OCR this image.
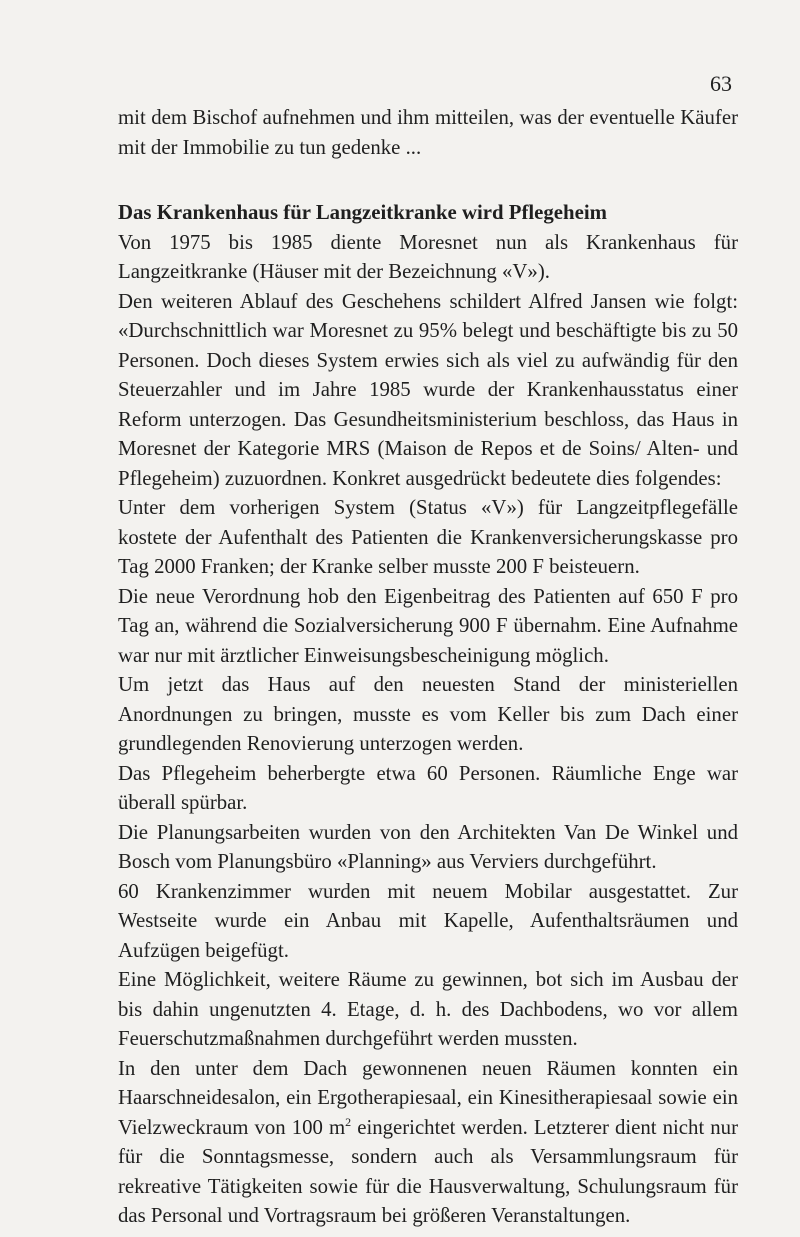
63

mit dem Bischof aufnehmen und ihm mitteilen, was der eventuelle Käufer mit der Immobilie zu tun gedenke ...

Das Krankenhaus für Langzeitkranke wird Pflegeheim

Von 1975 bis 1985 diente Moresnet nun als Krankenhaus für Langzeitkranke (Häuser mit der Bezeichnung «V»).

Den weiteren Ablauf des Geschehens schildert Alfred Jansen wie folgt: «Durchschnittlich war Moresnet zu 95% belegt und beschäftigte bis zu 50 Personen. Doch dieses System erwies sich als viel zu aufwändig für den Steuerzahler und im Jahre 1985 wurde der Krankenhausstatus einer Reform unterzogen. Das Gesundheitsministerium beschloss, das Haus in Moresnet der Kategorie MRS (Maison de Repos et de Soins/ Alten- und Pflegeheim) zuzuordnen. Konkret ausgedrückt bedeutete dies folgendes:

Unter dem vorherigen System (Status «V») für Langzeitpflegefälle kostete der Aufenthalt des Patienten die Krankenversicherungskasse pro Tag 2000 Franken; der Kranke selber musste 200 F beisteuern.

Die neue Verordnung hob den Eigenbeitrag des Patienten auf 650 F pro Tag an, während die Sozialversicherung 900 F übernahm. Eine Aufnahme war nur mit ärztlicher Einweisungsbescheinigung möglich.

Um jetzt das Haus auf den neuesten Stand der ministeriellen Anordnungen zu bringen, musste es vom Keller bis zum Dach einer grundlegenden Renovierung unterzogen werden.

Das Pflegeheim beherbergte etwa 60 Personen. Räumliche Enge war überall spürbar.

Die Planungsarbeiten wurden von den Architekten Van De Winkel und Bosch vom Planungsbüro «Planning» aus Verviers durchgeführt.

60 Krankenzimmer wurden mit neuem Mobilar ausgestattet. Zur Westseite wurde ein Anbau mit Kapelle, Aufenthaltsräumen und Aufzügen beigefügt.

Eine Möglichkeit, weitere Räume zu gewinnen, bot sich im Ausbau der bis dahin ungenutzten 4. Etage, d. h. des Dachbodens, wo vor allem Feuerschutzmaßnahmen durchgeführt werden mussten.

In den unter dem Dach gewonnenen neuen Räumen konnten ein Haarschneidesalon, ein Ergotherapiesaal, ein Kinesitherapiesaal sowie ein Vielzweckraum von 100 $m^2$ eingerichtet werden. Letzterer dient nicht nur für die Sonntagsmesse, sondern auch als Versammlungsraum für rekreative Tätigkeiten sowie für die Hausverwaltung, Schulungsraum für das Personal und Vortragsraum bei größeren Veranstaltungen.
